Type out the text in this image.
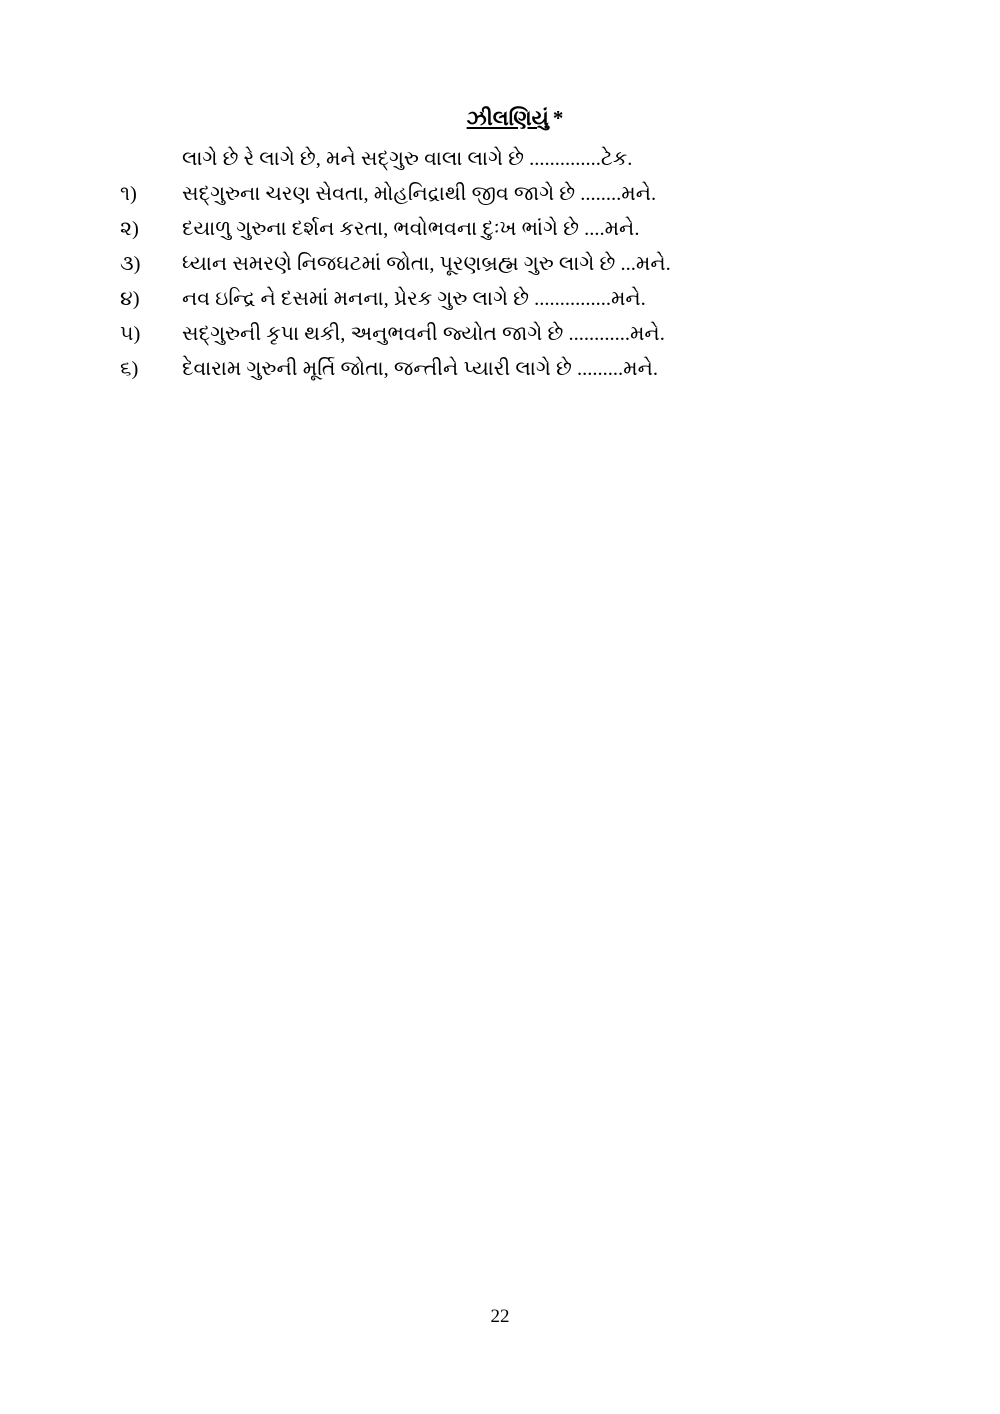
ઝીલણિયું *
લાગે છે રે લાગે છે, મને સદ્ગુરુ વાલા લાગે છે ..............ટેક.
૧)	સદ્ગુરુના ચરણ સેવતા, મોહનિદ્રાથી જીવ જાગે છે ........મને.
૨)	દયાળુ ગુરુના દર્શન કરતા, ભવોભવના દુઃખ ભાંગે છે ....મને.
૩)	ધ્યાન સમરણે નિજઘટમાં જોતા, પૂરણબ્રહ્મ ગુરુ લાગે છે ...મને.
૪)	નવ ઇન્દ્રિ ને દસમાં મનના, પ્રેરક ગુરુ લાગે છે ...............મને.
૫)	સદ્ગુરુની કૃપા થકી, અનુભવની જ્યોત જાગે છે ............મને.
૬)	દેવારામ ગુરુની મૂર્તિ જોતા, જન્તીને પ્યારી લાગે છે .........મને.
22
